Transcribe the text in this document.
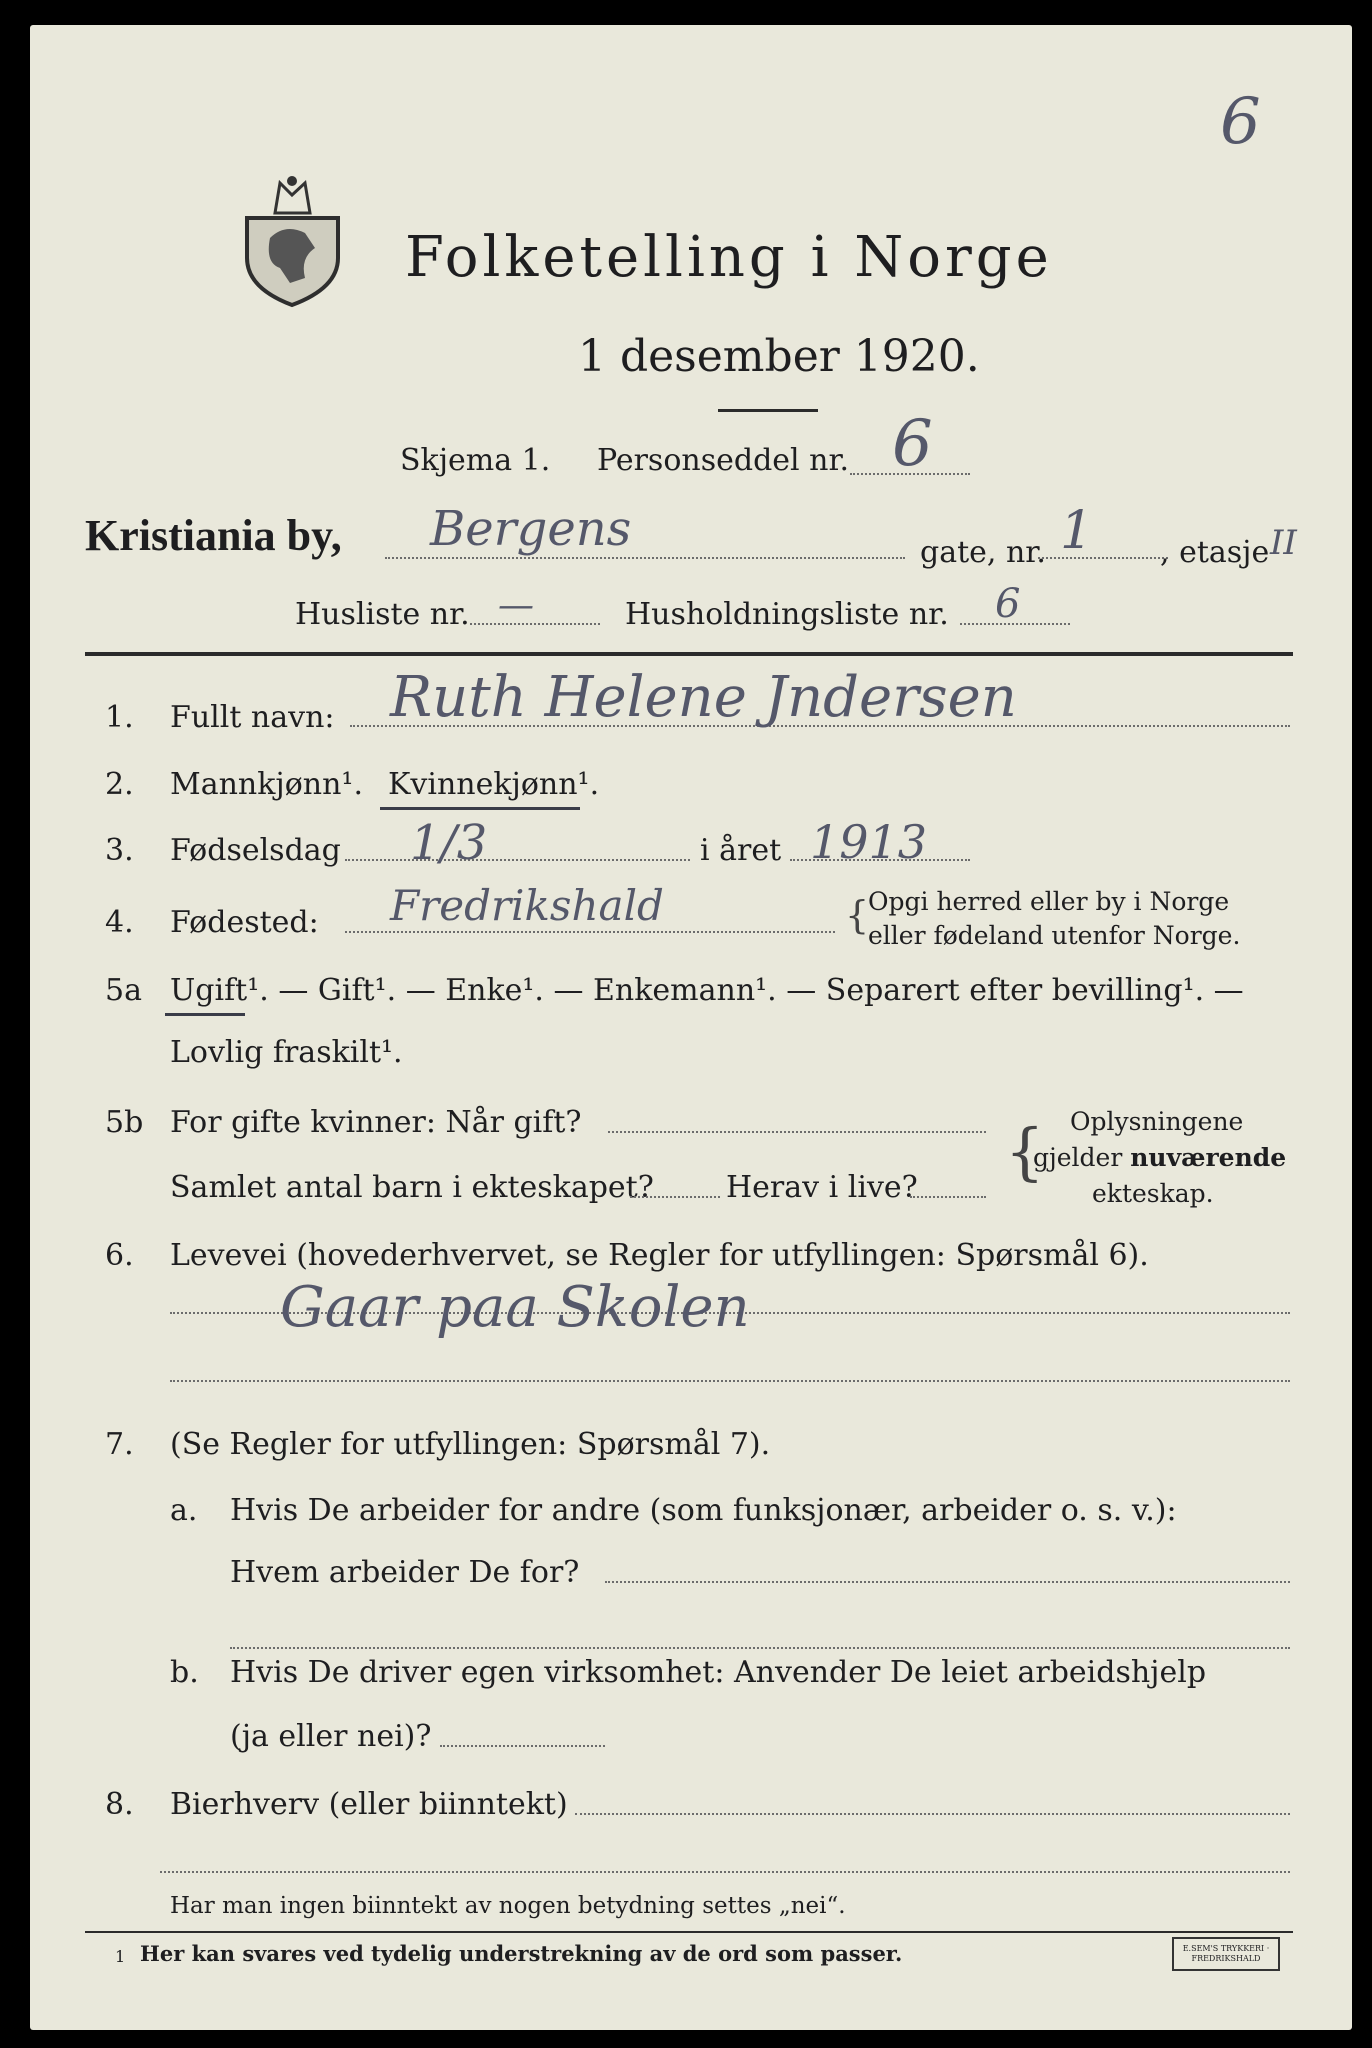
6
Folketelling i Norge
1 desember 1920.
Skjema 1. Personseddel nr. 6
Kristiania by, Bergens	gate, nr. 1 , etasje II
Husliste nr. —	Husholdningsliste nr. 6
1. Fullt navn: Ruth Helene Jndersen
2. Mannkjønn¹. Kvinnekjønn¹.
3. Fødselsdag 1/3	i året 1913
4. Fødested: Fredrikshald	{
Opgi herred eller by i Norge
eller fødeland utenfor Norge.
5a Ugift¹. — Gift¹. — Enke¹. — Enkemann¹. — Separert efter bevilling¹. —
Lovlig fraskilt¹.
5b For gifte kvinner: Når gift?
Samlet antal barn i ekteskapet? Herav i live? { Oplysningene
gjelder nuværende
ekteskap.
6. Levevei (hovederhvervet, se Regler for utfyllingen: Spørsmål 6).
Gaar paa Skolen
7. (Se Regler for utfyllingen: Spørsmål 7).
a. Hvis De arbeider for andre (som funksjonær, arbeider o. s. v.):
Hvem arbeider De for?
b. Hvis De driver egen virksomhet: Anvender De leiet arbeidshjelp
(ja eller nei)?
8. Bierhverv (eller biinntekt)
Har man ingen biinntekt av nogen betydning settes „nei“.
1 Her kan svares ved tydelig understrekning av de ord som passer.	E.SEM'S TRYKKERI · FREDRIKSHALD
